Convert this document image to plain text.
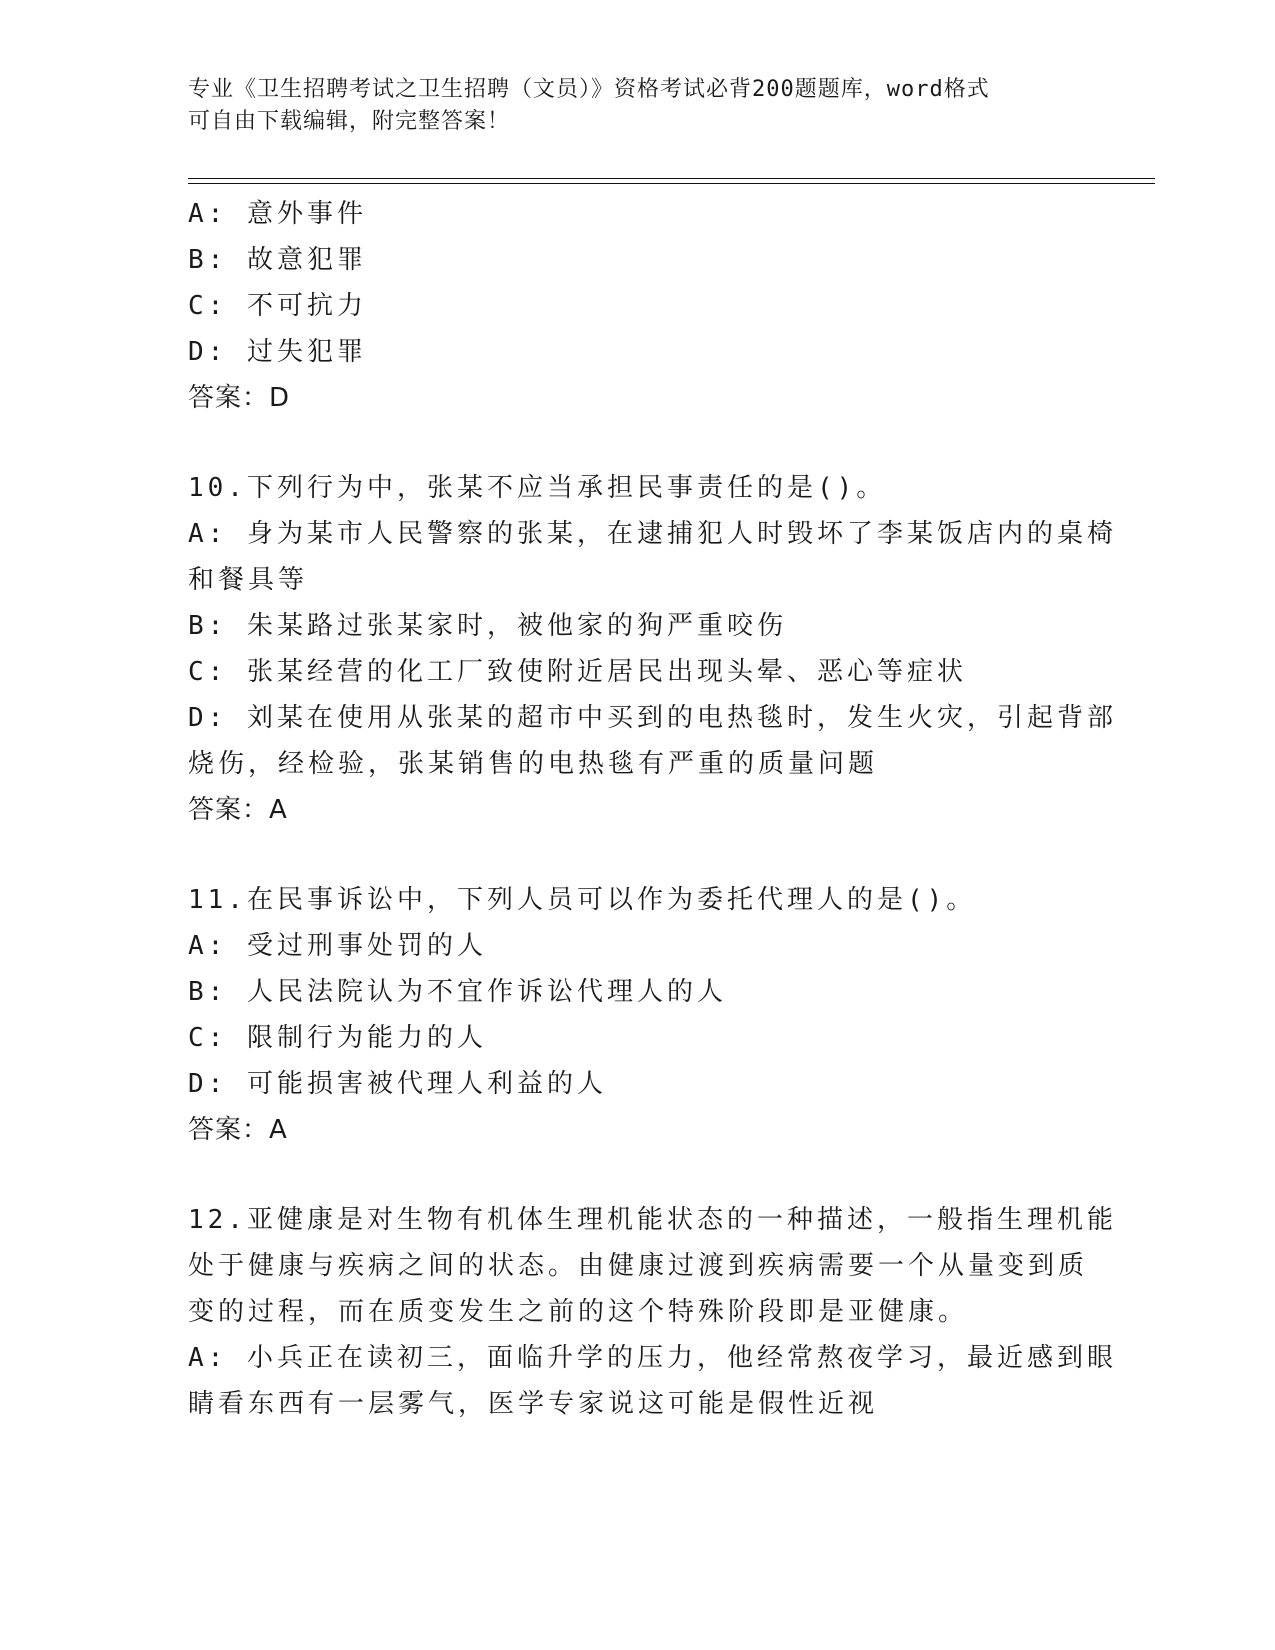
专业《卫生招聘考试之卫生招聘（文员）》资格考试必背200题题库，word格式
可自由下载编辑，附完整答案！
A: 意外事件
B: 故意犯罪
C: 不可抗力
D: 过失犯罪
答案：D
10.下列行为中，张某不应当承担民事责任的是()。
A: 身为某市人民警察的张某，在逮捕犯人时毁坏了李某饭店内的桌椅
和餐具等
B: 朱某路过张某家时，被他家的狗严重咬伤
C: 张某经营的化工厂致使附近居民出现头晕、恶心等症状
D: 刘某在使用从张某的超市中买到的电热毯时，发生火灾，引起背部
烧伤，经检验，张某销售的电热毯有严重的质量问题
答案：A
11.在民事诉讼中，下列人员可以作为委托代理人的是()。
A: 受过刑事处罚的人
B: 人民法院认为不宜作诉讼代理人的人
C: 限制行为能力的人
D: 可能损害被代理人利益的人
答案：A
12.亚健康是对生物有机体生理机能状态的一种描述，一般指生理机能
处于健康与疾病之间的状态。由健康过渡到疾病需要一个从量变到质
变的过程，而在质变发生之前的这个特殊阶段即是亚健康。
A: 小兵正在读初三，面临升学的压力，他经常熬夜学习，最近感到眼
睛看东西有一层雾气，医学专家说这可能是假性近视
